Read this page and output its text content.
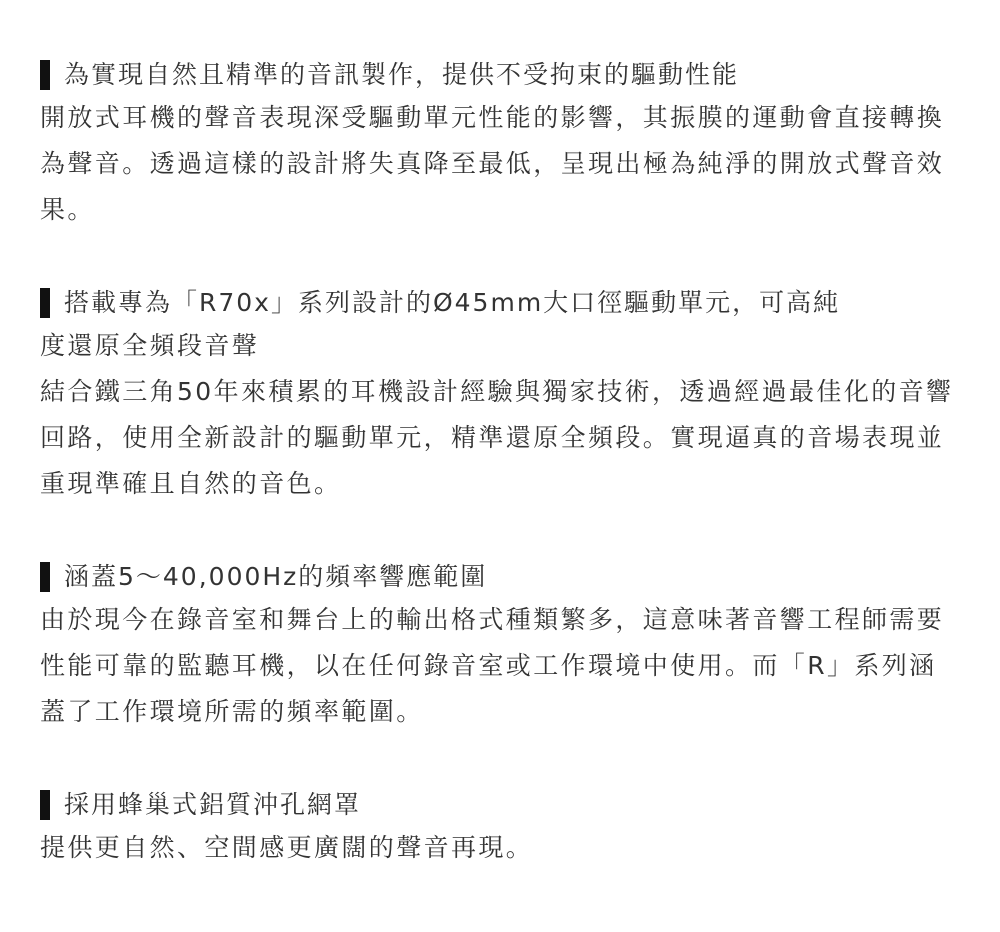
為實現自然且精準的音訊製作，提供不受拘束的驅動性能

開放式耳機的聲音表現深受驅動單元性能的影響，其振膜的運動會直接轉換為聲音。透過這樣的設計將失真降至最低，呈現出極為純淨的開放式聲音效果。

搭載專為「R70x」系列設計的Ø45mm大口徑驅動單元，可高純

度還原全頻段音聲

結合鐵三角50年來積累的耳機設計經驗與獨家技術，透過經過最佳化的音響回路，使用全新設計的驅動單元，精準還原全頻段。實現逼真的音場表現並重現準確且自然的音色。

涵蓋5～40,000Hz的頻率響應範圍

由於現今在錄音室和舞台上的輸出格式種類繁多，這意味著音響工程師需要性能可靠的監聽耳機，以在任何錄音室或工作環境中使用。而「R」系列涵蓋了工作環境所需的頻率範圍。

採用蜂巢式鋁質沖孔網罩

提供更自然、空間感更廣闊的聲音再現。
